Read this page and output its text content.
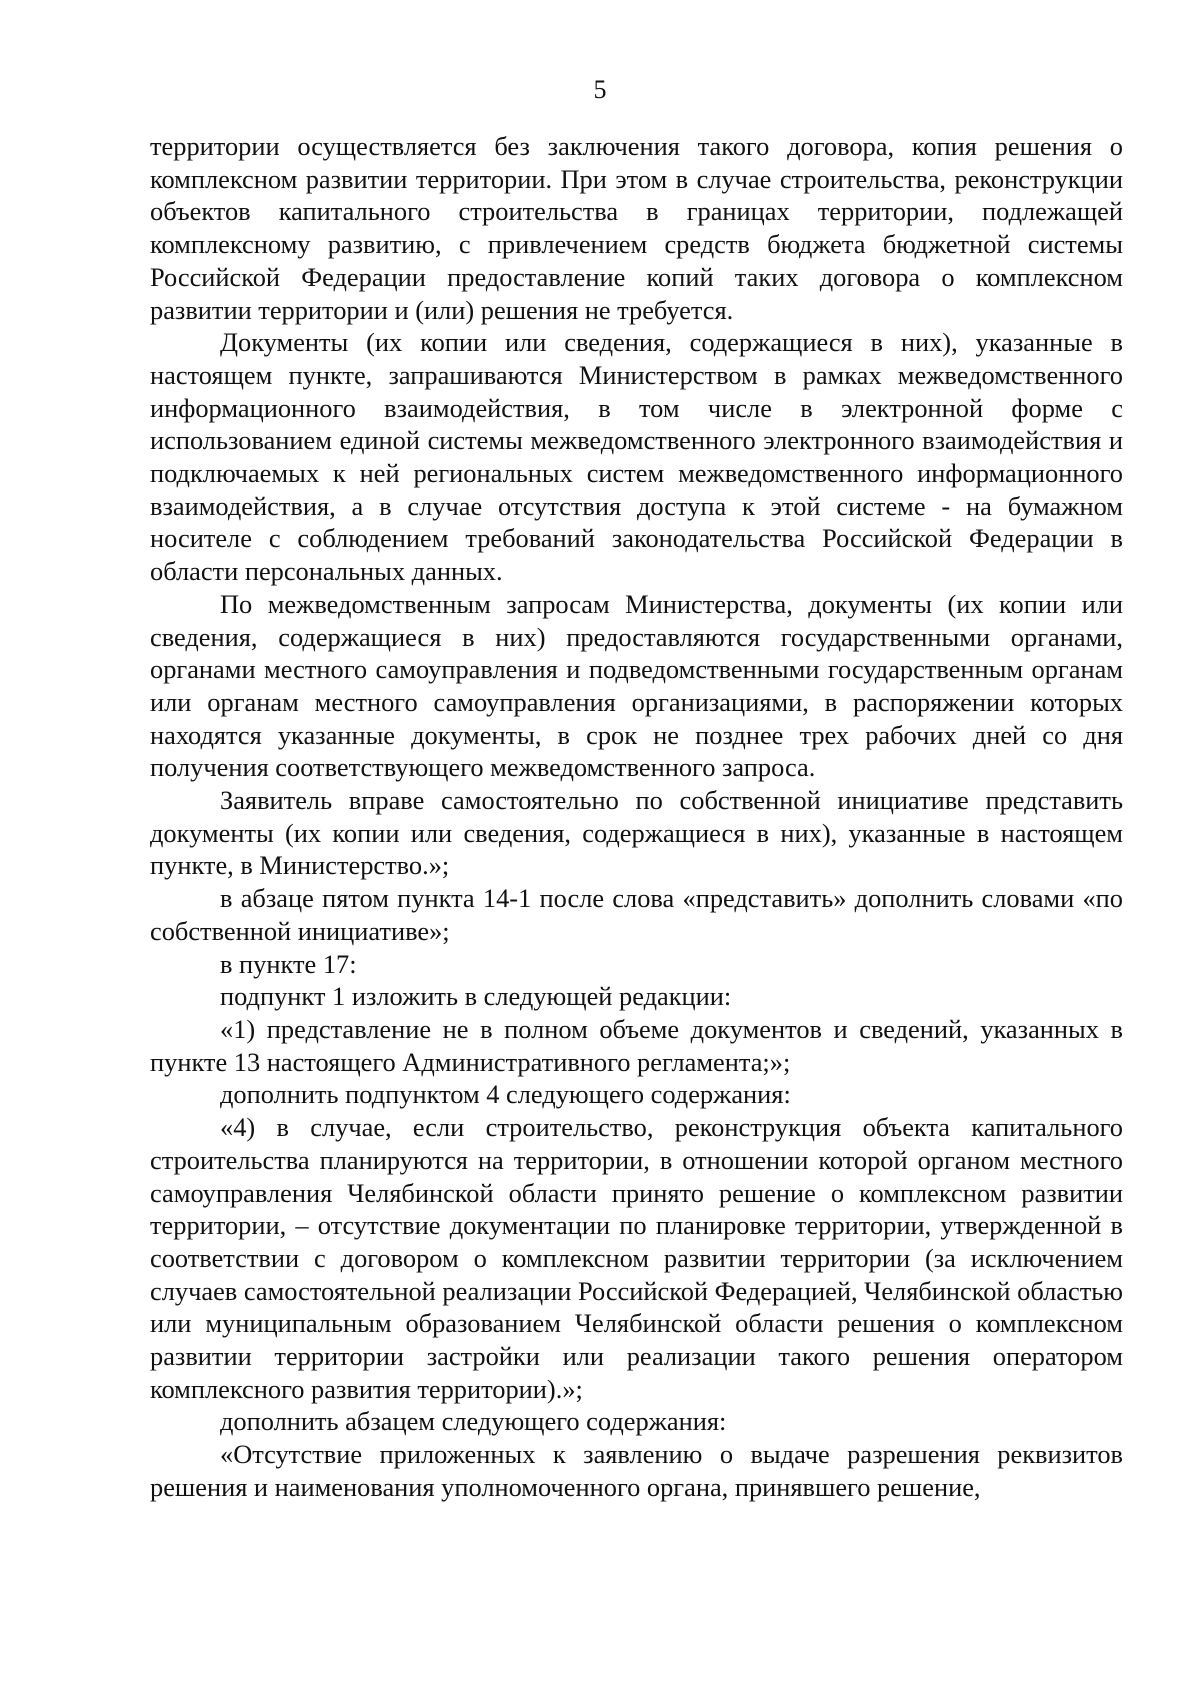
5

территории осуществляется без заключения такого договора, копия решения о комплексном развитии территории. При этом в случае строительства, реконструкции объектов капитального строительства в границах территории, подлежащей комплексному развитию, с привлечением средств бюджета бюджетной системы Российской Федерации предоставление копий таких договора о комплексном развитии территории и (или) решения не требуется.

Документы (их копии или сведения, содержащиеся в них), указанные в настоящем пункте, запрашиваются Министерством в рамках межведомственного информационного взаимодействия, в том числе в электронной форме с использованием единой системы межведомственного электронного взаимодействия и подключаемых к ней региональных систем межведомственного информационного взаимодействия, а в случае отсутствия доступа к этой системе - на бумажном носителе с соблюдением требований законодательства Российской Федерации в области персональных данных.

По межведомственным запросам Министерства, документы (их копии или сведения, содержащиеся в них) предоставляются государственными органами, органами местного самоуправления и подведомственными государственным органам или органам местного самоуправления организациями, в распоряжении которых находятся указанные документы, в срок не позднее трех рабочих дней со дня получения соответствующего межведомственного запроса.

Заявитель вправе самостоятельно по собственной инициативе представить документы (их копии или сведения, содержащиеся в них), указанные в настоящем пункте, в Министерство.»;

в абзаце пятом пункта 14-1 после слова «представить» дополнить словами «по собственной инициативе»;

в пункте 17:

подпункт 1 изложить в следующей редакции:

«1) представление не в полном объеме документов и сведений, указанных в пункте 13 настоящего Административного регламента;»;

дополнить подпунктом 4 следующего содержания:

«4) в случае, если строительство, реконструкция объекта капитального строительства планируются на территории, в отношении которой органом местного самоуправления Челябинской области принято решение о комплексном развитии территории, – отсутствие документации по планировке территории, утвержденной в соответствии с договором о комплексном развитии территории (за исключением случаев самостоятельной реализации Российской Федерацией, Челябинской областью или муниципальным образованием Челябинской области решения о комплексном развитии территории застройки или реализации такого решения оператором комплексного развития территории).»;

дополнить абзацем следующего содержания:

«Отсутствие приложенных к заявлению о выдаче разрешения реквизитов решения и наименования уполномоченного органа, принявшего решение,
